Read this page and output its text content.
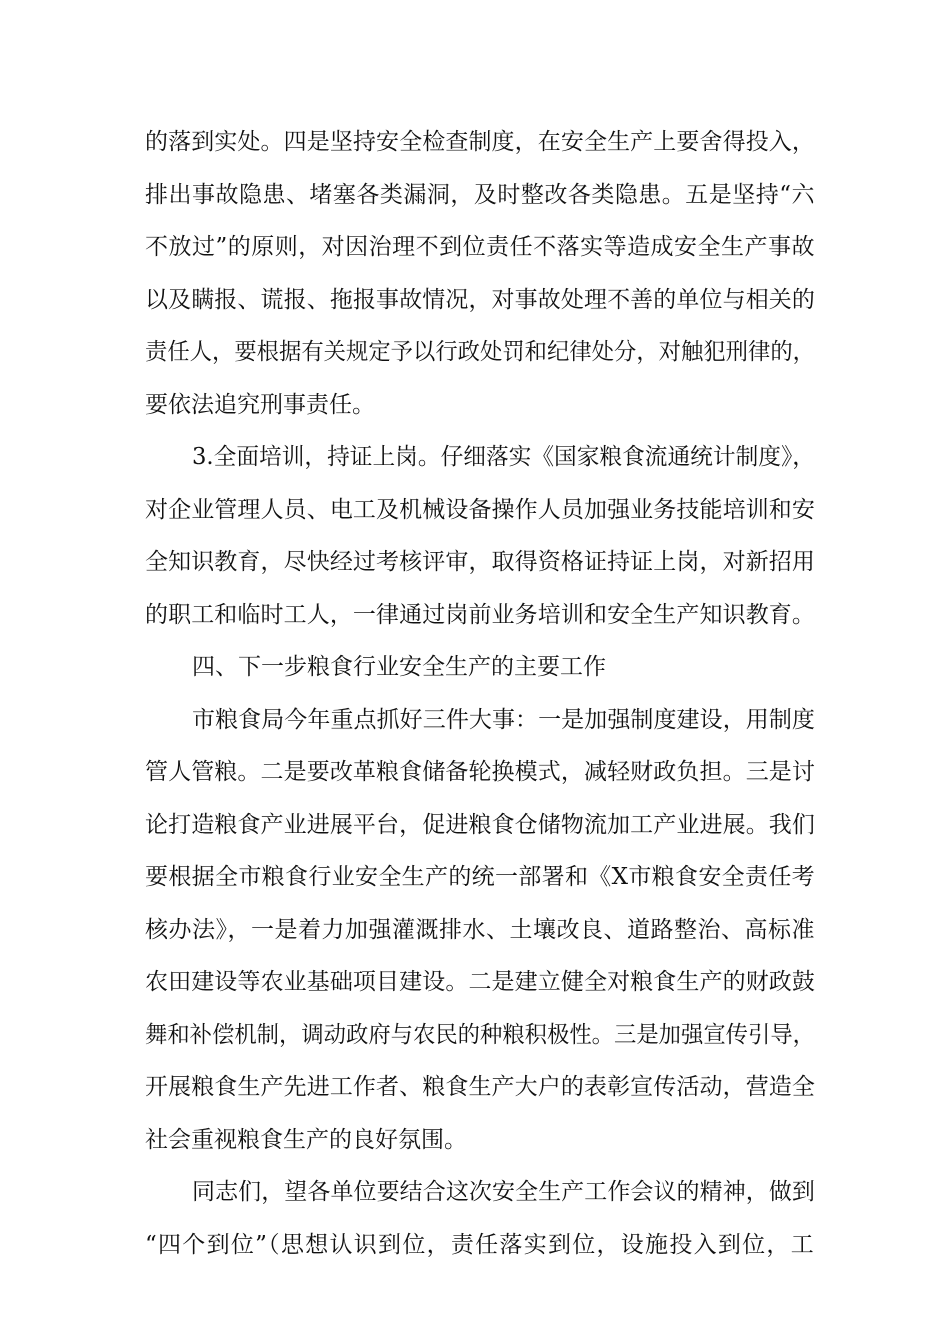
的落到实处。四是坚持安全检查制度，在安全生产上要舍得投入，
排出事故隐患、堵塞各类漏洞，及时整改各类隐患。五是坚持“六
不放过”的原则，对因治理不到位责任不落实等造成安全生产事故
以及瞒报、谎报、拖报事故情况，对事故处理不善的单位与相关的
责任人，要根据有关规定予以行政处罚和纪律处分，对触犯刑律的，
要依法追究刑事责任。
3.全面培训，持证上岗。仔细落实《国家粮食流通统计制度》，
对企业管理人员、电工及机械设备操作人员加强业务技能培训和安
全知识教育，尽快经过考核评审，取得资格证持证上岗，对新招用
的职工和临时工人，一律通过岗前业务培训和安全生产知识教育。
四、下一步粮食行业安全生产的主要工作
市粮食局今年重点抓好三件大事：一是加强制度建设，用制度
管人管粮。二是要改革粮食储备轮换模式，减轻财政负担。三是讨
论打造粮食产业进展平台，促进粮食仓储物流加工产业进展。我们
要根据全市粮食行业安全生产的统一部署和《X市粮食安全责任考
核办法》，一是着力加强灌溉排水、土壤改良、道路整治、高标准
农田建设等农业基础项目建设。二是建立健全对粮食生产的财政鼓
舞和补偿机制，调动政府与农民的种粮积极性。三是加强宣传引导，
开展粮食生产先进工作者、粮食生产大户的表彰宣传活动，营造全
社会重视粮食生产的良好氛围。
同志们，望各单位要结合这次安全生产工作会议的精神，做到
“四个到位”（思想认识到位，责任落实到位，设施投入到位，工
